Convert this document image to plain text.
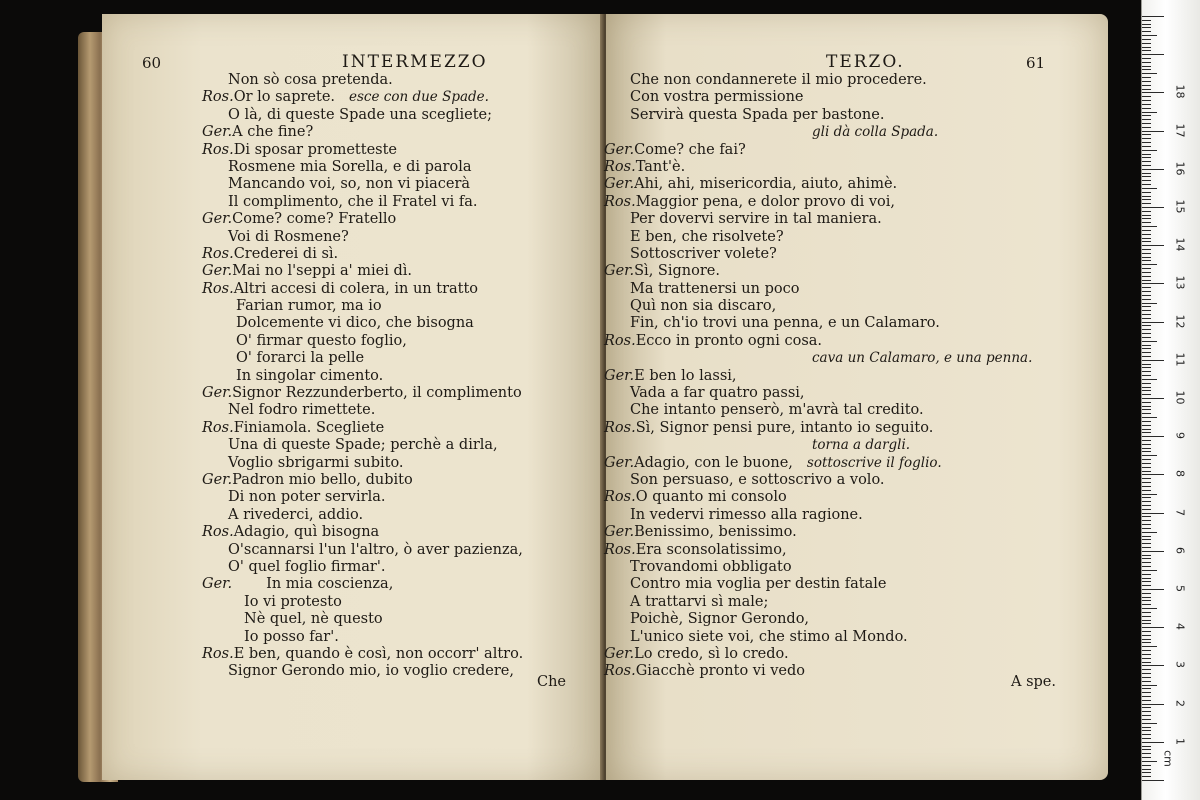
60	INTERMEZZO
Non sò cosa pretenda.
Ros.Or lo saprete. esce con due Spade.
O là, di queste Spade una scegliete;
Ger.A che fine?
Ros.Di sposar prometteste
Rosmene mia Sorella, e di parola
Mancando voi, so, non vi piacerà
Il complimento, che il Fratel vi fa.
Ger.Come? come? Fratello
Voi di Rosmene?
Ros.Crederei di sì.
Ger.Mai no l'seppi a' miei dì.
Ros.Altri accesi di colera, in un tratto
Farian rumor, ma io
Dolcemente vi dico, che bisogna
O' firmar questo foglio,
O' forarci la pelle
In singolar cimento.
Ger.Signor Rezzunderberto, il complimento
Nel fodro rimettete.
Ros.Finiamola. Scegliete
Una di queste Spade; perchè a dirla,
Voglio sbrigarmi subito.
Ger.Padron mio bello, dubito
Di non poter servirla.
A rivederci, addio.
Ros.Adagio, quì bisogna
O'scannarsi l'un l'altro, ò aver pazienza,
O' quel foglio firmar'.
Ger. In mia coscienza,
Io vi protesto
Nè quel, nè questo
Io posso far'.
Ros.E ben, quando è così, non occorr' altro.
Signor Gerondo mio, io voglio credere,
Che
TERZO.	61
Che non condannerete il mio procedere.
Con vostra permissione
Servirà questa Spada per bastone.
gli dà colla Spada.
Ger.Come? che fai?
Ros.Tant'è.
Ger.Ahi, ahi, misericordia, aiuto, ahimè.
Ros.Maggior pena, e dolor provo di voi,
Per dovervi servire in tal maniera.
E ben, che risolvete?
Sottoscriver volete?
Ger.Sì, Signore.
Ma trattenersi un poco
Quì non sia discaro,
Fin, ch'io trovi una penna, e un Calamaro.
Ros.Ecco in pronto ogni cosa.
cava un Calamaro, e una penna.
Ger.E ben lo lassi,
Vada a far quatro passi,
Che intanto penserò, m'avrà tal credito.
Ros.Sì, Signor pensi pure, intanto io seguito.
torna a dargli.
Ger.Adagio, con le buone, sottoscrive il foglio.
Son persuaso, e sottoscrivo a volo.
Ros.O quanto mi consolo
In vedervi rimesso alla ragione.
Ger.Benissimo, benissimo.
Ros.Era sconsolatissimo,
Trovandomi obbligato
Contro mia voglia per destin fatale
A trattarvi sì male;
Poichè, Signor Gerondo,
L'unico siete voi, che stimo al Mondo.
Ger.Lo credo, sì lo credo.
Ros.Giacchè pronto vi vedo
A spe.
cm
1
2
3
4
5
6
7
8
9
10
11
12
13
14
15
16
17
18
